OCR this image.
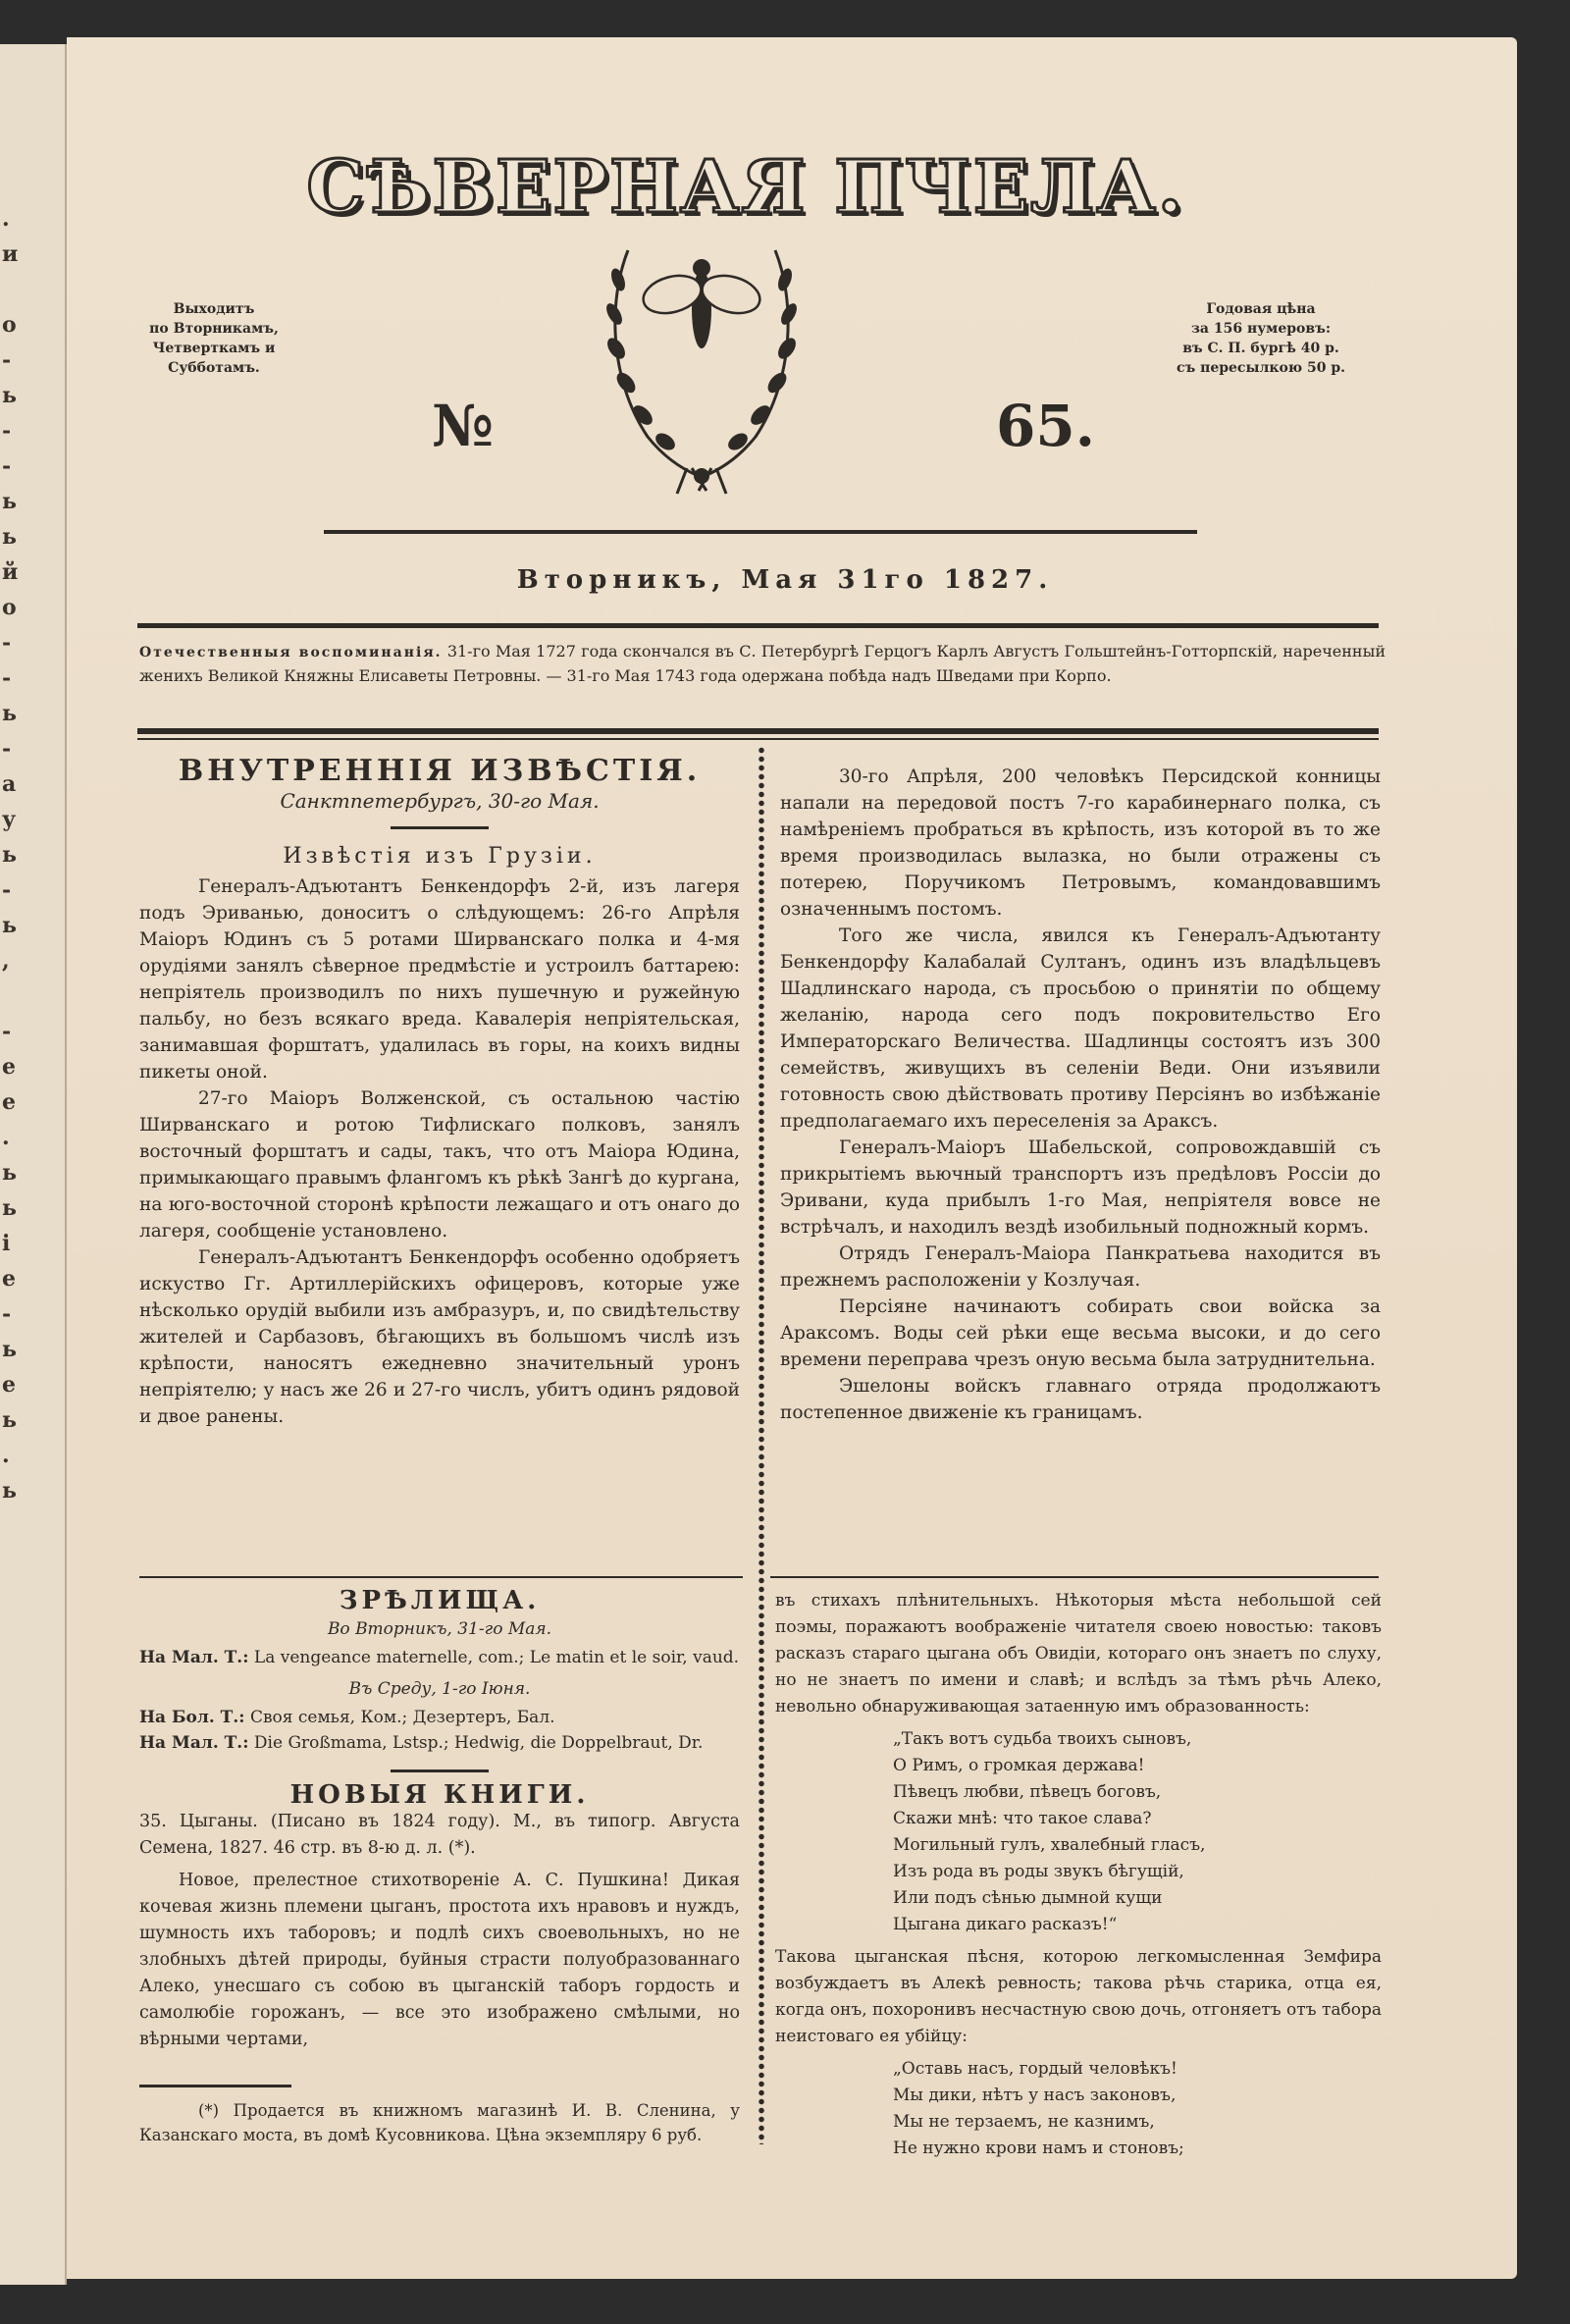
.
и

о
-
ь
-
-
ь
ь
й
о
-
-
ь
-
а
у
ь
-
ь
,

-
е
е
.
ь
ь
і
е
-
ь
е
ь
.
ь
СѢВЕРНАЯ ПЧЕЛА.
Выходитъ
по Вторникамъ,
Четверткамъ и
Субботамъ.
Годовая цѣна
за 156 нумеровъ:
въ С. П. бургѣ 40 р.
съ пересылкою 50 р.
№	65.
Вторникъ, Мая 31го 1827.
Отечественныя воспоминанія. 31-го Мая 1727 года скончался въ С. Петербургѣ Герцогъ Карлъ Августъ Гольштейнъ-Готторпскій, нареченный женихъ Великой Княжны Елисаветы Петровны. — 31-го Мая 1743 года одержана побѣда надъ Шведами при Корпо.
ВНУТРЕННІЯ ИЗВѢСТІЯ.
Санктпетербургъ, 30-го Мая.
Извѣстія изъ Грузіи.

Генералъ-Адъютантъ Бенкендорфъ 2-й, изъ лагеря подъ Эриванью, доноситъ о слѣдующемъ: 26-го Апрѣля Маіоръ Юдинъ съ 5 ротами Ширванскаго полка и 4-мя орудіями занялъ сѣверное предмѣстіе и устроилъ баттарею: непріятель производилъ по нихъ пушечную и ружейную пальбу, но безъ всякаго вреда. Кавалерія непріятельская, занимавшая форштатъ, удалилась въ горы, на коихъ видны пикеты оной.

27-го Маіоръ Волженской, съ остальною частію Ширванскаго и ротою Тифлискаго полковъ, занялъ восточный форштатъ и сады, такъ, что отъ Маіора Юдина, примыкающаго правымъ флангомъ къ рѣкѣ Зангѣ до кургана, на юго-восточной сторонѣ крѣпости лежащаго и отъ онаго до лагеря, сообщеніе установлено.

Генералъ-Адъютантъ Бенкендорфъ особенно одобряетъ искуство Гг. Артиллерійскихъ офицеровъ, которые уже нѣсколько орудій выбили изъ амбразуръ, и, по свидѣтельству жителей и Сарбазовъ, бѣгающихъ въ большомъ числѣ изъ крѣпости, наносятъ ежедневно значительный уронъ непріятелю; у насъ же 26 и 27-го числъ, убитъ одинъ рядовой и двое ранены.

ЗРѢЛИЩА.
Во Вторникъ, 31-го Мая.
На Мал. Т.: La vengeance maternelle, com.; Le matin et le soir, vaud.
Въ Среду, 1-го Іюня.
На Бол. Т.: Своя семья, Ком.; Дезертеръ, Бал.
На Мал. Т.: Die Großmama, Lstsp.; Hedwig, die Doppelbraut, Dr.
НОВЫЯ КНИГИ.

35. Цыганы. (Писано въ 1824 году). М., въ типогр. Августа Семена, 1827. 46 стр. въ 8-ю д. л. (*).

Новое, прелестное стихотвореніе А. С. Пушкина! Дикая кочевая жизнь племени цыганъ, простота ихъ нравовъ и нуждъ, шумность ихъ таборовъ; и подлѣ сихъ своевольныхъ, но не злобныхъ дѣтей природы, буйныя страсти полуобразованнаго Алеко, унесшаго съ собою въ цыганскій таборъ гордость и самолюбіе горожанъ, — все это изображено смѣлыми, но вѣрными чертами,

(*) Продается въ книжномъ магазинѣ И. В. Сленина, у Казанскаго моста, въ домѣ Кусовникова. Цѣна экземпляру 6 руб.

30-го Апрѣля, 200 человѣкъ Персидской конницы напали на передовой постъ 7-го карабинернаго полка, съ намѣреніемъ пробраться въ крѣпость, изъ которой въ то же время производилась вылазка, но были отражены съ потерею, Поручикомъ Петровымъ, командовавшимъ означеннымъ постомъ.

Того же числа, явился къ Генералъ-Адъютанту Бенкендорфу Калабалай Султанъ, одинъ изъ владѣльцевъ Шадлинскаго народа, съ просьбою о принятіи по общему желанію, народа сего подъ покровительство Его Императорскаго Величества. Шадлинцы состоятъ изъ 300 семействъ, живущихъ въ селеніи Веди. Они изъявили готовность свою дѣйствовать противу Персіянъ во избѣжаніе предполагаемаго ихъ переселенія за Араксъ.

Генералъ-Маіоръ Шабельской, сопровождавшій съ прикрытіемъ вьючный транспортъ изъ предѣловъ Россіи до Эривани, куда прибылъ 1-го Мая, непріятеля вовсе не встрѣчалъ, и находилъ вездѣ изобильный подножный кормъ.

Отрядъ Генералъ-Маіора Панкратьева находится въ прежнемъ расположеніи у Козлучая.

Персіяне начинаютъ собирать свои войска за Араксомъ. Воды сей рѣки еще весьма высоки, и до сего времени переправа чрезъ оную весьма была затруднительна.

Эшелоны войскъ главнаго отряда продолжаютъ постепенное движеніе къ границамъ.

въ стихахъ плѣнительныхъ. Нѣкоторыя мѣста небольшой сей поэмы, поражаютъ воображеніе читателя своею новостью: таковъ расказъ стараго цыгана объ Овидіи, котораго онъ знаетъ по слуху, но не знаетъ по имени и славѣ; и вслѣдъ за тѣмъ рѣчь Алеко, невольно обнаруживающая затаенную имъ образованность:

„Такъ вотъ судьба твоихъ сыновъ,
О Римъ, о громкая держава!
Пѣвецъ любви, пѣвецъ боговъ,
Скажи мнѣ: что такое слава?
Могильный гулъ, хвалебный гласъ,
Изъ рода въ роды звукъ бѣгущій,
Или подъ сѣнью дымной кущи
Цыгана дикаго расказъ!“

Такова цыганская пѣсня, которою легкомысленная Земфира возбуждаетъ въ Алекѣ ревность; такова рѣчь старика, отца ея, когда онъ, похоронивъ несчастную свою дочь, отгоняетъ отъ табора неистоваго ея убійцу:

„Оставь насъ, гордый человѣкъ!
Мы дики, нѣтъ у насъ законовъ,
Мы не терзаемъ, не казнимъ,
Не нужно крови намъ и стоновъ;
